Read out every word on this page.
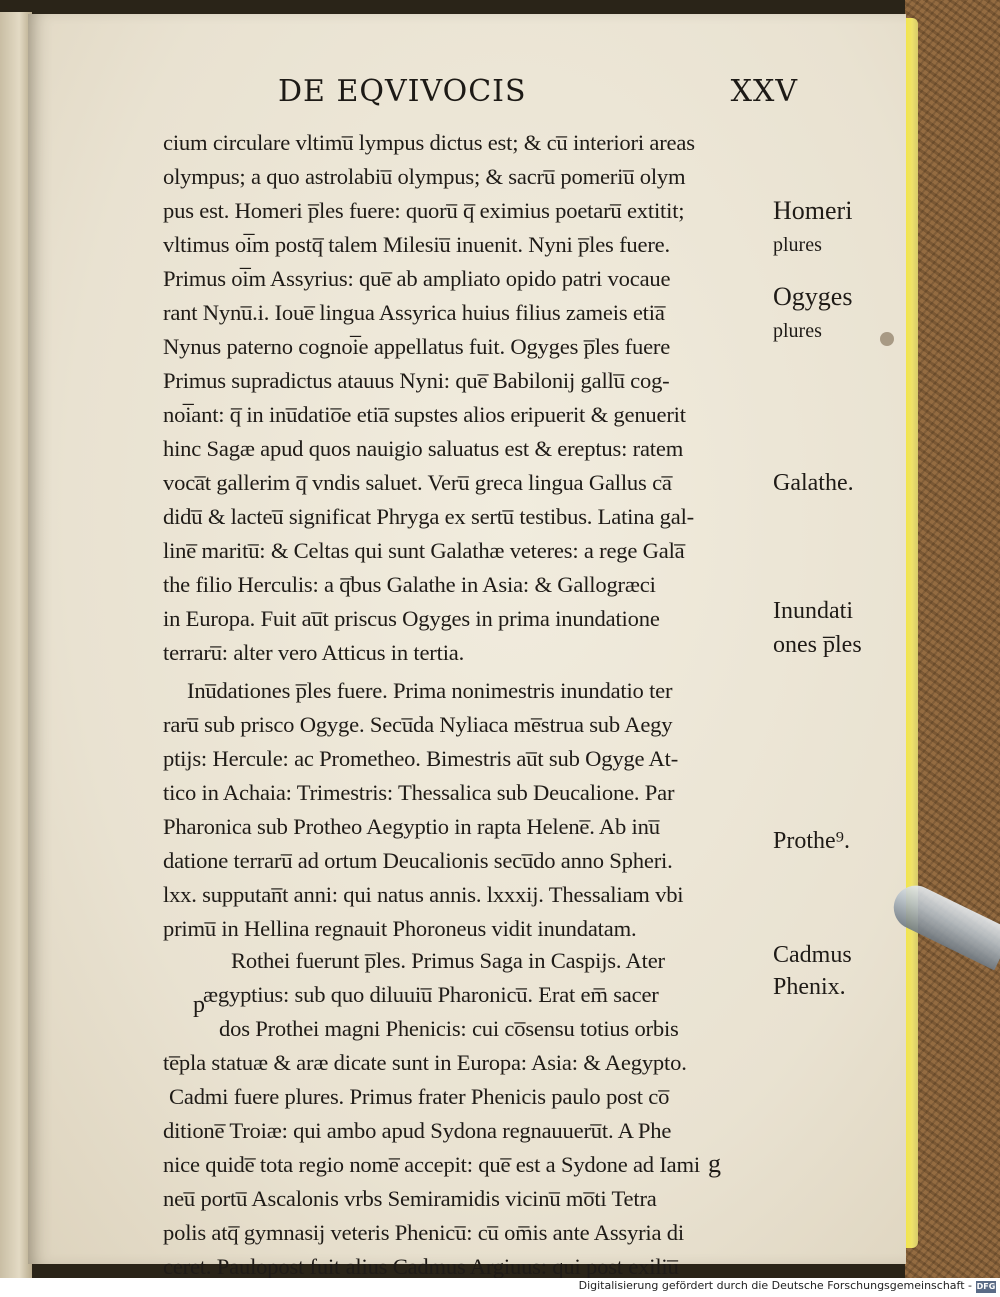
DE EQVIVOCIS	XXV
cium circulare vltimu̅ lympus dictus est; & cu̅ interiori areas
olympus; a quo astrolabiu̅ olympus; & sacru̅ pomeriu̅ olym
pus est. Homeri p̅les fuere: quoru̅ q̅ eximius poetaru̅ extitit;
vltimus oi̅m postq̅ talem Milesiu̅ inuenit. Nyni p̅les fuere.
Primus oi̅m Assyrius: que̅ ab ampliato opido patri vocaue
rant Nynu̅.i. Ioue̅ lingua Assyrica huius filius zameis etia̅
Nynus paterno cognoi̅e appellatus fuit. Ogyges p̅les fuere
Primus supradictus atauus Nyni: que̅ Babilonij gallu̅ cog-
noi̅ant: q̅ in inu̅datio̅e etia̅ supstes alios eripuerit & genuerit
hinc Sagæ apud quos nauigio saluatus est & ereptus: ratem
voca̅t gallerim q̅ vndis saluet. Veru̅ greca lingua Gallus ca̅
didu̅ & lacteu̅ significat Phryga ex sertu̅ testibus. Latina gal-
line̅ maritu̅: & Celtas qui sunt Galathæ veteres: a rege Gala̅
the filio Herculis: a q̅bus Galathe in Asia: & Gallogræci
in Europa. Fuit au̅t priscus Ogyges in prima inundatione
terraru̅: alter vero Atticus in tertia.
Inu̅dationes p̅les fuere. Prima nonimestris inundatio ter
raru̅ sub prisco Ogyge. Secu̅da Nyliaca me̅strua sub Aegy
ptijs: Hercule: ac Prometheo. Bimestris au̅t sub Ogyge At-
tico in Achaia: Trimestris: Thessalica sub Deucalione. Par
Pharonica sub Protheo Aegyptio in rapta Helene̅. Ab inu̅
datione terraru̅ ad ortum Deucalionis secu̅do anno Spheri.
lxx. supputan̅t anni: qui natus annis. lxxxij. Thessaliam vbi
primu̅ in Hellina regnauit Phoroneus vidit inundatam.
Rothei fuerunt p̅les. Primus Saga in Caspijs. Ater
ægyptius: sub quo diluuiu̅ Pharonicu̅. Erat em̅ sacer
dos Prothei magni Phenicis: cui co̅sensu totius orbis
te̅pla statuæ & aræ dicate sunt in Europa: Asia: & Aegypto.
Cadmi fuere plures. Primus frater Phenicis paulo post co̅
ditione̅ Troiæ: qui ambo apud Sydona regnauueru̅t. A Phe
nice quide̅ tota regio nome̅ accepit: que̅ est a Sydone ad Iami
neu̅ portu̅ Ascalonis vrbs Semiramidis vicinu̅ mo̅ti Tetra
polis atq̅ gymnasij veteris Phenicu̅: cu̅ om̅is ante Assyria di
ceret. Paulopost fuit alius Cadmus Argiuus: qui post exiliu̅
p
Homeri
plures
Ogyges
plures
Galathe.
Inundati
ones p̅les
Prothe⁹.
Cadmus
Phenix.
g
Digitalisierung gefördert durch die Deutsche Forschungsgemeinschaft - DFG
